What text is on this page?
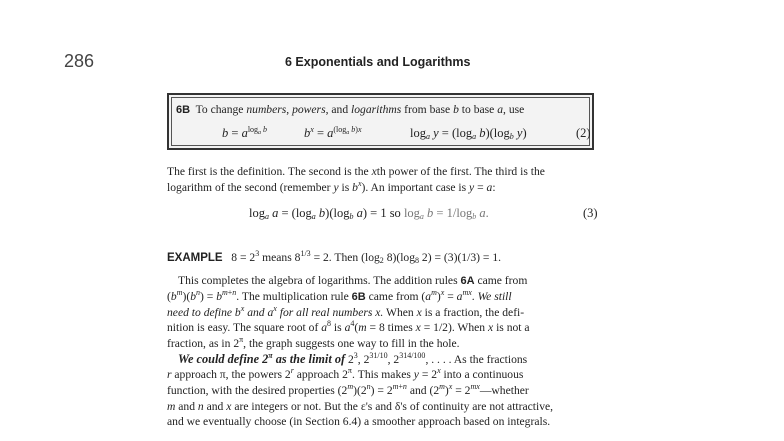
286	6 Exponentials and Logarithms
6B  To change numbers, powers, and logarithms from base b to base a, use
$b = a^{log_a b}$	$b^x = a^{(log_a b)x}$	$\log_a y = (\log_a$ $b)(\log_b$ y)	(2)
The first is the definition. The second is the xth power of the first. The third is the
logarithm of the second (remember y is $b^x$). An important case is y = a:
$\log_a a = (\log_a$ $b)(\log_b$ a) = 1 so $\log_a b = 1/\log_b$ a.	(3)
EXAMPLE   $8 = 2^3$ means $8^{1/3} = 2$. Then ($\log_2$ $8)(\log_8$ 2) = (3)(1/3) = 1.
This completes the algebra of logarithms. The addition rules 6A came from
$(b^m)(b^n) = b^{m+n}$. The multiplication rule 6B came from $(a^m)^x = a^{mx}$. We still
need to define $b^x$ and $a^x$ for all real numbers x. When x is a fraction, the defi-
nition is easy. The square root of $a^8$ is $a^4(m = 8$ times x = 1/2). When x is not a
fraction, as in $2^\pi$, the graph suggests one way to fill in the hole.
We could define $2^\pi$ as the limit of $2^3$, $2^{31/10}$, $2^{314/100}$, . . . . As the fractions
r approach π, the powers 2$^r$ approach $2^\pi$. This makes $y = 2^x$ into a continuous
function, with the desired properties $(2^m)(2^n) = 2^{m+n}$ and $(2^m)^x$ = $2^{mx}—whether$
m and n and x are integers or not. But the ε's and δ's of continuity are not attractive,
and we eventually choose (in Section 6.4) a smoother approach based on integrals.
